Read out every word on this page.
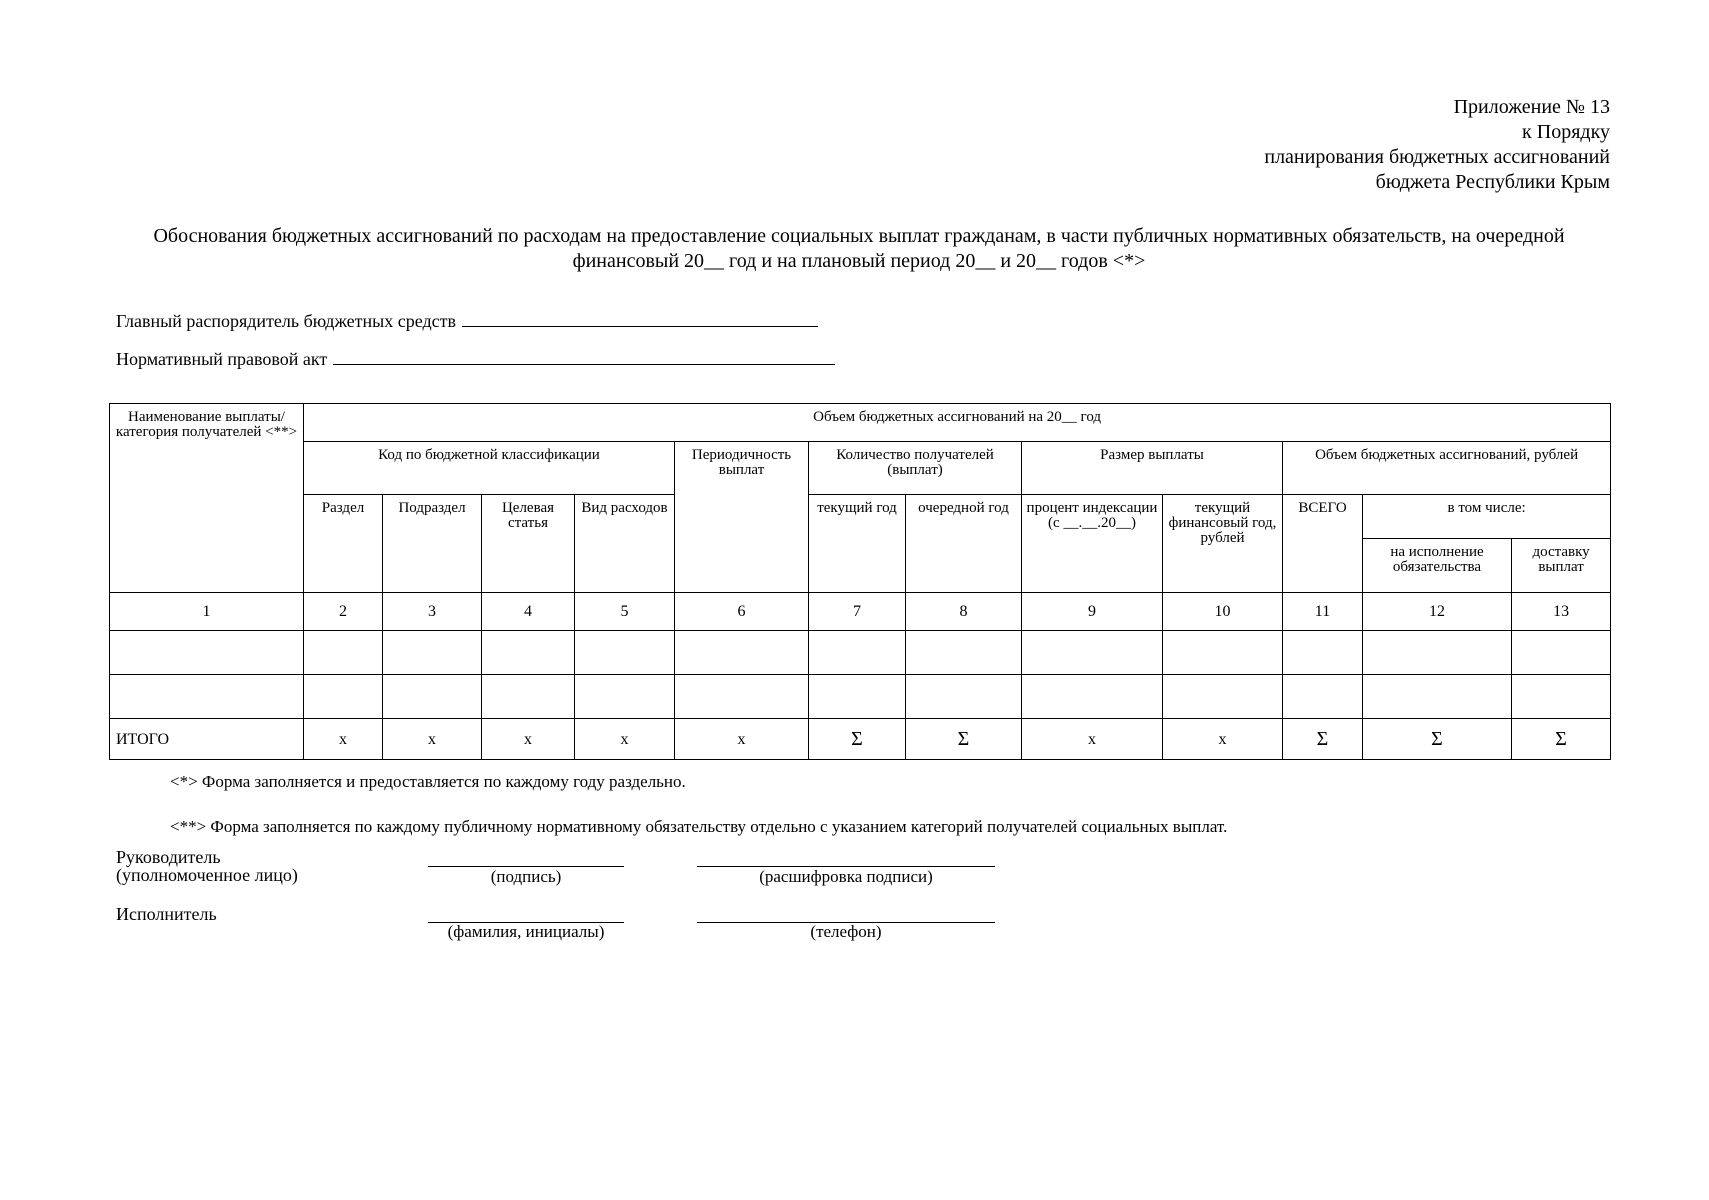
Приложение № 13
к Порядку
планирования бюджетных ассигнований
бюджета Республики Крым
Обоснования бюджетных ассигнований по расходам на предоставление социальных выплат гражданам, в части публичных нормативных обязательств, на очередной финансовый 20__ год и на плановый период 20__ и 20__ годов <*>
Главный распорядитель бюджетных средств
Нормативный правовой акт
Наименование выплаты/категория получателей <**>	Объем бюджетных ассигнований на 20__ год											
	Код по бюджетной классификации				Периодичность выплат	Количество получателей (выплат)		Размер выплаты		Объем бюджетных ассигнований, рублей		
	Раздел	Подраздел	Целевая статья	Вид расходов		текущий год	очередной год	процент индексации (с __.__.20__)	текущий финансовый год, рублей	ВСЕГО	в том числе:	
											на исполнение обязательства	доставку выплат
1	2	3	4	5	6	7	8	9	10	11	12	13

ИТОГО	х	х	х	х	х	Σ	Σ	х	х	Σ	Σ	Σ
<*> Форма заполняется и предоставляется по каждому году раздельно.
<**> Форма заполняется по каждому публичному нормативному обязательству отдельно с указанием категорий получателей социальных выплат.
Руководитель
(уполномоченное лицо)	(подпись)	(расшифровка подписи)
Исполнитель
(фамилия, инициалы)	(телефон)
